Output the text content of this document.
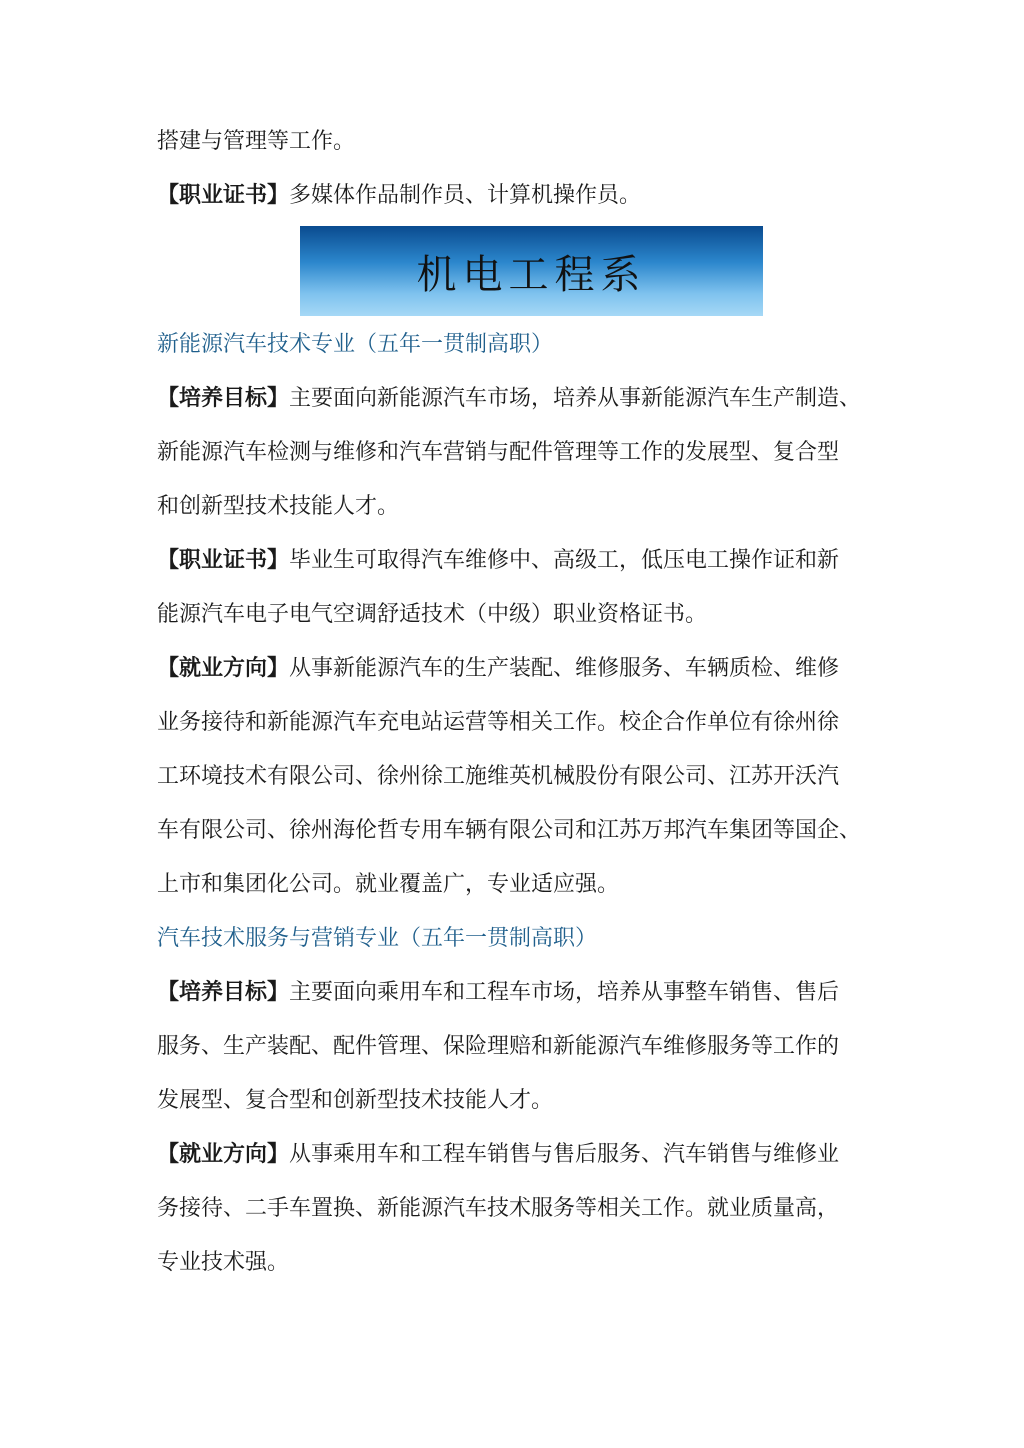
搭建与管理等工作。

【职业证书】多媒体作品制作员、计算机操作员。

机电工程系

新能源汽车技术专业（五年一贯制高职）

【培养目标】主要面向新能源汽车市场，培养从事新能源汽车生产制造、

新能源汽车检测与维修和汽车营销与配件管理等工作的发展型、复合型

和创新型技术技能人才。

【职业证书】毕业生可取得汽车维修中、高级工，低压电工操作证和新

能源汽车电子电气空调舒适技术（中级）职业资格证书。

【就业方向】从事新能源汽车的生产装配、维修服务、车辆质检、维修

业务接待和新能源汽车充电站运营等相关工作。校企合作单位有徐州徐

工环境技术有限公司、徐州徐工施维英机械股份有限公司、江苏开沃汽

车有限公司、徐州海伦哲专用车辆有限公司和江苏万邦汽车集团等国企、

上市和集团化公司。就业覆盖广，专业适应强。

汽车技术服务与营销专业（五年一贯制高职）

【培养目标】主要面向乘用车和工程车市场，培养从事整车销售、售后

服务、生产装配、配件管理、保险理赔和新能源汽车维修服务等工作的

发展型、复合型和创新型技术技能人才。

【就业方向】从事乘用车和工程车销售与售后服务、汽车销售与维修业

务接待、二手车置换、新能源汽车技术服务等相关工作。就业质量高，

专业技术强。
